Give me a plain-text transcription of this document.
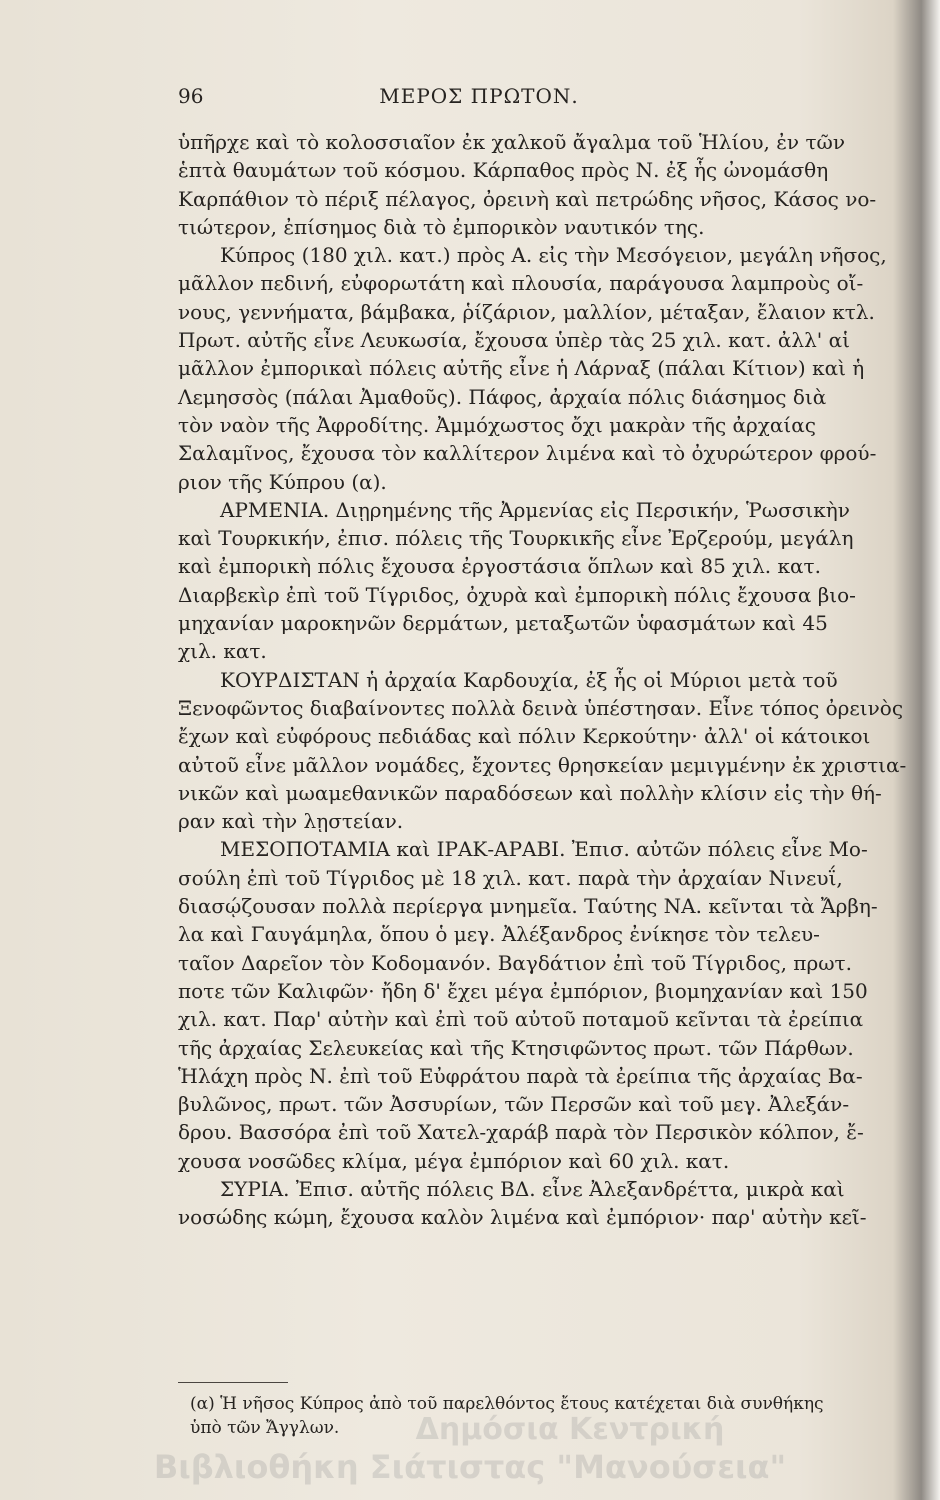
96	ΜΕΡΟΣ ΠΡΩΤΟΝ.
ὑπῆρχε καὶ τὸ κολοσσιαῖον ἐκ χαλκοῦ ἄγαλμα τοῦ Ἡλίου, ἐν τῶν
ἑπτὰ θαυμάτων τοῦ κόσμου. Κάρπαθος πρὸς Ν. ἐξ ἧς ὠνομάσθη
Καρπάθιον τὸ πέριξ πέλαγος, ὀρεινὴ καὶ πετρώδης νῆσος, Κάσος νο-
τιώτερον, ἐπίσημος διὰ τὸ ἐμπορικὸν ναυτικόν της.
Κύπρος (180 χιλ. κατ.) πρὸς Α. εἰς τὴν Μεσόγειον, μεγάλη νῆσος,
μᾶλλον πεδινή, εὐφορωτάτη καὶ πλουσία, παράγουσα λαμπροὺς οἴ-
νους, γεννήματα, βάμβακα, ῥίζάριον, μαλλίον, μέταξαν, ἔλαιον κτλ.
Πρωτ. αὐτῆς εἶνε Λευκωσία, ἔχουσα ὑπὲρ τὰς 25 χιλ. κατ. ἀλλ' αἱ
μᾶλλον ἐμπορικαὶ πόλεις αὐτῆς εἶνε ἡ Λάρναξ (πάλαι Κίτιον) καὶ ἡ
Λεμησσὸς (πάλαι Ἀμαθοῦς). Πάφος, ἀρχαία πόλις διάσημος διὰ
τὸν ναὸν τῆς Ἀφροδίτης. Ἀμμόχωστος ὄχι μακρὰν τῆς ἀρχαίας
Σαλαμῖνος, ἔχουσα τὸν καλλίτερον λιμένα καὶ τὸ ὀχυρώτερον φρού-
ριον τῆς Κύπρου (α).
ΑΡΜΕΝΙΑ. Διῃρημένης τῆς Ἀρμενίας εἰς Περσικήν, Ῥωσσικὴν
καὶ Τουρκικήν, ἐπισ. πόλεις τῆς Τουρκικῆς εἶνε Ἐρζερούμ, μεγάλη
καὶ ἐμπορικὴ πόλις ἔχουσα ἐργοστάσια ὅπλων καὶ 85 χιλ. κατ.
Διαρβεκὶρ ἐπὶ τοῦ Τίγριδος, ὀχυρὰ καὶ ἐμπορικὴ πόλις ἔχουσα βιο-
μηχανίαν μαροκηνῶν δερμάτων, μεταξωτῶν ὑφασμάτων καὶ 45
χιλ. κατ.
ΚΟΥΡΔΙΣΤΑΝ ἡ ἀρχαία Καρδουχία, ἐξ ἧς οἱ Μύριοι μετὰ τοῦ
Ξενοφῶντος διαβαίνοντες πολλὰ δεινὰ ὑπέστησαν. Εἶνε τόπος ὀρεινὸς
ἔχων καὶ εὐφόρους πεδιάδας καὶ πόλιν Κερκούτην· ἀλλ' οἱ κάτοικοι
αὐτοῦ εἶνε μᾶλλον νομάδες, ἔχοντες θρησκείαν μεμιγμένην ἐκ χριστια-
νικῶν καὶ μωαμεθανικῶν παραδόσεων καὶ πολλὴν κλίσιν εἰς τὴν θή-
ραν καὶ τὴν λῃστείαν.
ΜΕΣΟΠΟΤΑΜΙΑ καὶ ΙΡΑΚ-ΑΡΑΒΙ. Ἐπισ. αὐτῶν πόλεις εἶνε Μο-
σούλη ἐπὶ τοῦ Τίγριδος μὲ 18 χιλ. κατ. παρὰ τὴν ἀρχαίαν Νινευΐ,
διασῴζουσαν πολλὰ περίεργα μνημεῖα. Ταύτης ΝΑ. κεῖνται τὰ Ἄρβη-
λα καὶ Γαυγάμηλα, ὅπου ὁ μεγ. Ἀλέξανδρος ἐνίκησε τὸν τελευ-
ταῖον Δαρεῖον τὸν Κοδομανόν. Βαγδάτιον ἐπὶ τοῦ Τίγριδος, πρωτ.
ποτε τῶν Καλιφῶν· ἤδη δ' ἔχει μέγα ἐμπόριον, βιομηχανίαν καὶ 150
χιλ. κατ. Παρ' αὐτὴν καὶ ἐπὶ τοῦ αὐτοῦ ποταμοῦ κεῖνται τὰ ἐρείπια
τῆς ἀρχαίας Σελευκείας καὶ τῆς Κτησιφῶντος πρωτ. τῶν Πάρθων.
Ἡλάχη πρὸς Ν. ἐπὶ τοῦ Εὐφράτου παρὰ τὰ ἐρείπια τῆς ἀρχαίας Βα-
βυλῶνος, πρωτ. τῶν Ἀσσυρίων, τῶν Περσῶν καὶ τοῦ μεγ. Ἀλεξάν-
δρου. Βασσόρα ἐπὶ τοῦ Χατελ-χαράβ παρὰ τὸν Περσικὸν κόλπον, ἔ-
χουσα νοσῶδες κλίμα, μέγα ἐμπόριον καὶ 60 χιλ. κατ.
ΣΥΡΙΑ. Ἐπισ. αὐτῆς πόλεις ΒΔ. εἶνε Ἀλεξανδρέττα, μικρὰ καὶ
νοσώδης κώμη, ἔχουσα καλὸν λιμένα καὶ ἐμπόριον· παρ' αὐτὴν κεῖ-
(α) Ἡ νῆσος Κύπρος ἀπὸ τοῦ παρελθόντος ἔτους κατέχεται διὰ συνθήκης
ὑπὸ τῶν Ἄγγλων.	Δημόσια Κεντρική
Βιβλιοθήκη Σιάτιστας "Μανούσεια"
